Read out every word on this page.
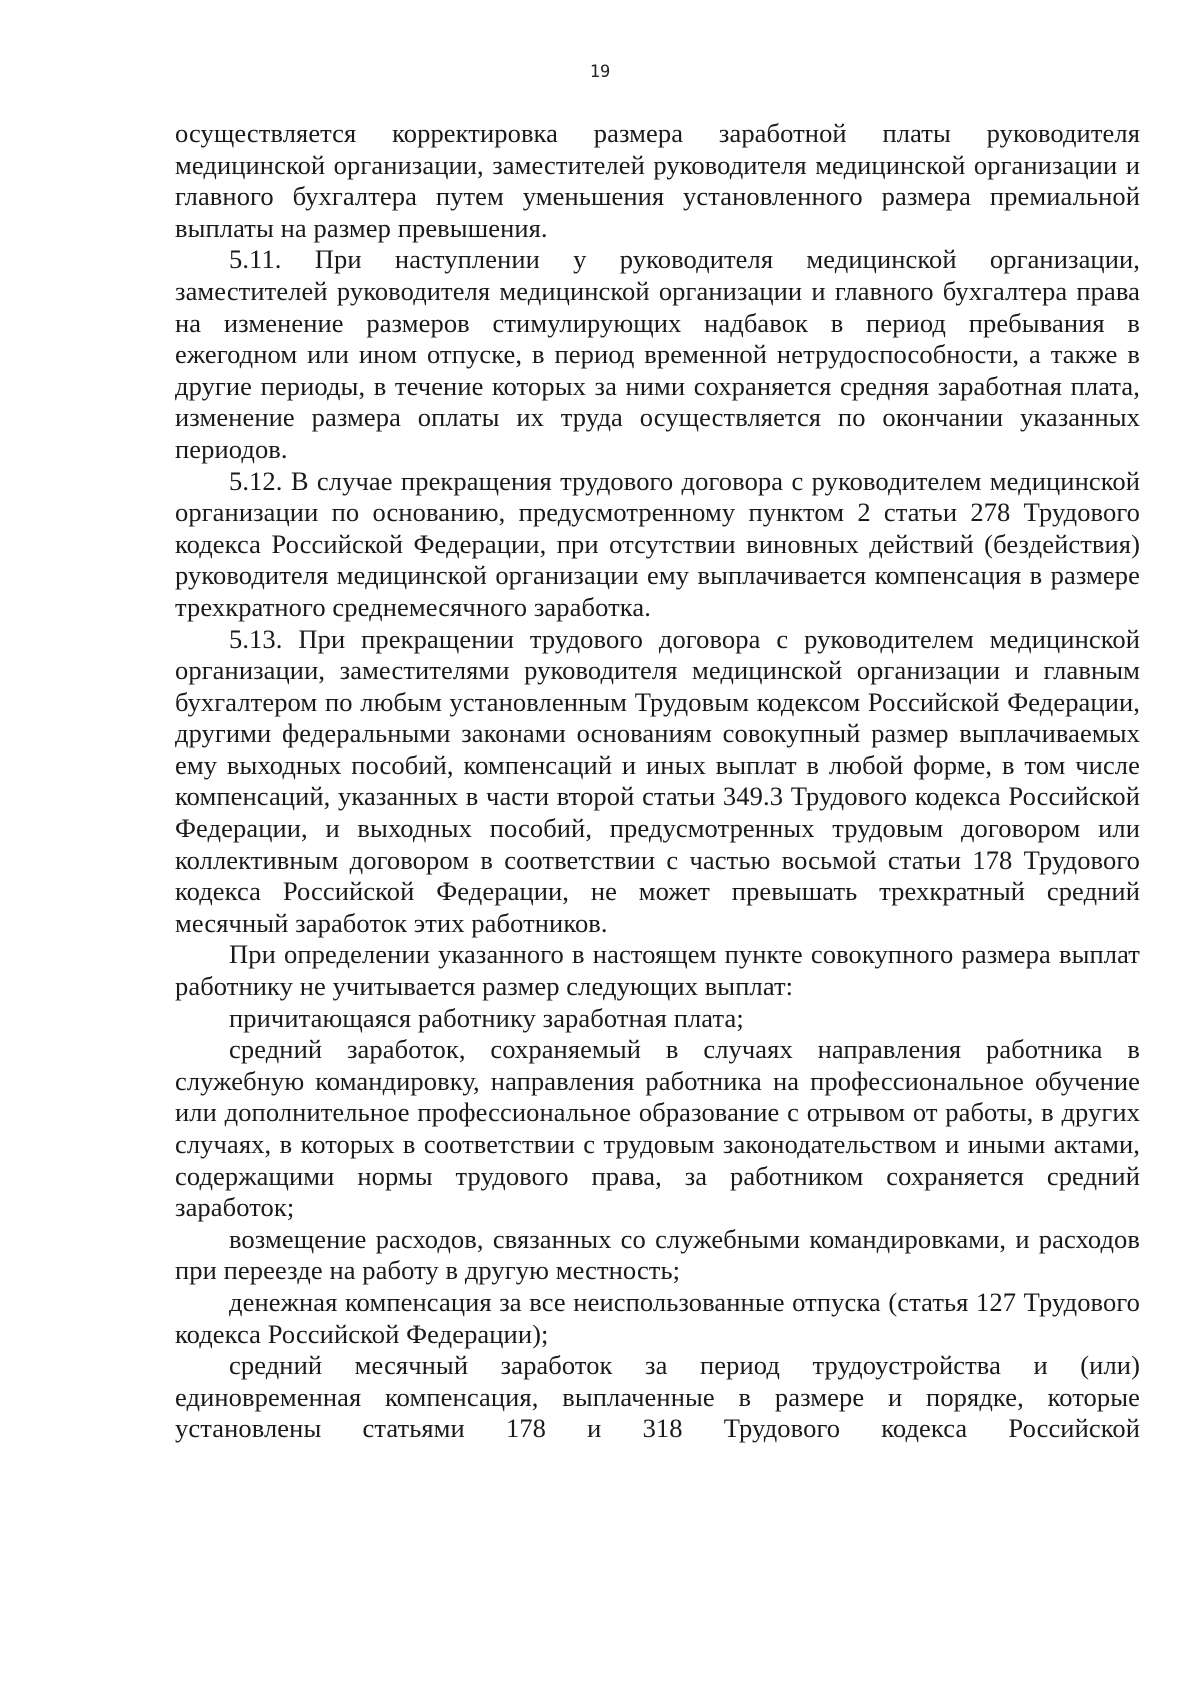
19

осуществляется корректировка размера заработной платы руководителя медицинской организации, заместителей руководителя медицинской организации и главного бухгалтера путем уменьшения установленного размера премиальной выплаты на размер превышения.

5.11. При наступлении у руководителя медицинской организации, заместителей руководителя медицинской организации и главного бухгалтера права на изменение размеров стимулирующих надбавок в период пребывания в ежегодном или ином отпуске, в период временной нетрудоспособности, а также в другие периоды, в течение которых за ними сохраняется средняя заработная плата, изменение размера оплаты их труда осуществляется по окончании указанных периодов.

5.12. В случае прекращения трудового договора с руководителем медицинской организации по основанию, предусмотренному пунктом 2 статьи 278 Трудового кодекса Российской Федерации, при отсутствии виновных действий (бездействия) руководителя медицинской организации ему выплачивается компенсация в размере трехкратного среднемесячного заработка.

5.13. При прекращении трудового договора с руководителем медицинской организации, заместителями руководителя медицинской организации и главным бухгалтером по любым установленным Трудовым кодексом Российской Федерации, другими федеральными законами основаниям совокупный размер выплачиваемых ему выходных пособий, компенсаций и иных выплат в любой форме, в том числе компенсаций, указанных в части второй статьи 349.3 Трудового кодекса Российской Федерации, и выходных пособий, предусмотренных трудовым договором или коллективным договором в соответствии с частью восьмой статьи 178 Трудового кодекса Российской Федерации, не может превышать трехкратный средний месячный заработок этих работников.

При определении указанного в настоящем пункте совокупного размера выплат работнику не учитывается размер следующих выплат:

причитающаяся работнику заработная плата;

средний заработок, сохраняемый в случаях направления работника в служебную командировку, направления работника на профессиональное обучение или дополнительное профессиональное образование с отрывом от работы, в других случаях, в которых в соответствии с трудовым законодательством и иными актами, содержащими нормы трудового права, за работником сохраняется средний заработок;

возмещение расходов, связанных со служебными командировками, и расходов при переезде на работу в другую местность;

денежная компенсация за все неиспользованные отпуска (статья 127 Трудового кодекса Российской Федерации);

средний месячный заработок за период трудоустройства и (или) единовременная компенсация, выплаченные в размере и порядке, которые установлены статьями 178 и 318 Трудового кодекса Российской
